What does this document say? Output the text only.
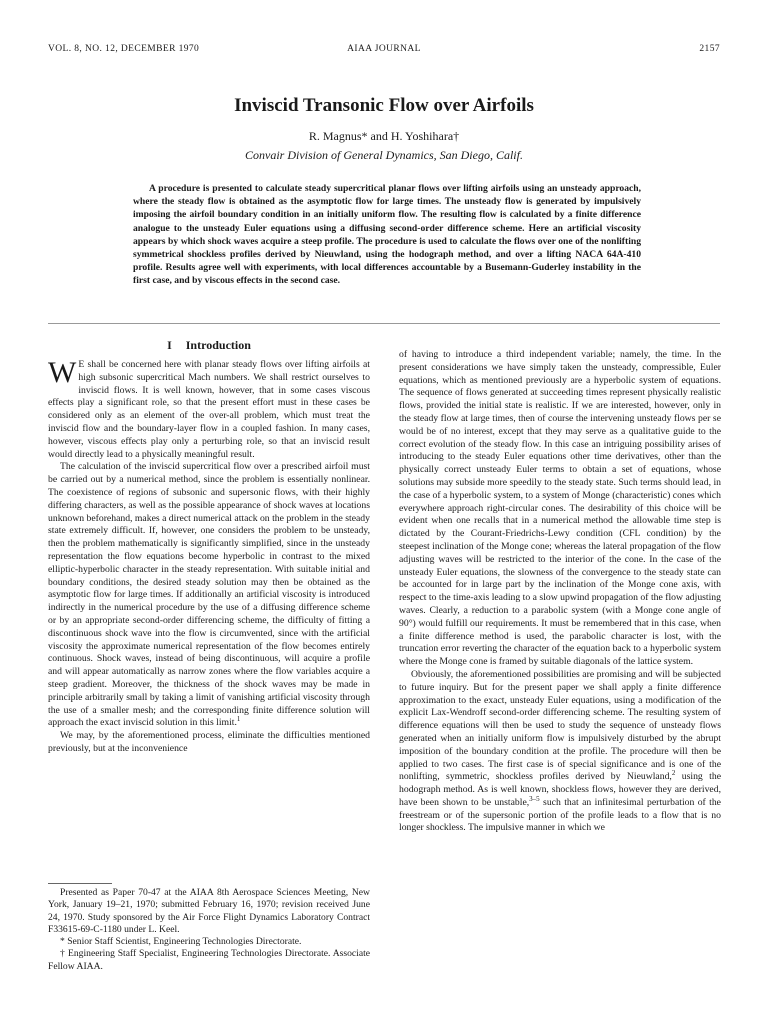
VOL. 8, NO. 12, DECEMBER 1970	AIAA JOURNAL	2157
Inviscid Transonic Flow over Airfoils
R. Magnus* and H. Yoshihara†
Convair Division of General Dynamics, San Diego, Calif.

A procedure is presented to calculate steady supercritical planar flows over lifting airfoils using an unsteady approach, where the steady flow is obtained as the asymptotic flow for large times. The unsteady flow is generated by impulsively imposing the airfoil boundary condition in an initially uniform flow. The resulting flow is calculated by a finite difference analogue to the unsteady Euler equations using a diffusing second-order difference scheme. Here an artificial viscosity appears by which shock waves acquire a steep profile. The procedure is used to calculate the flows over one of the nonlifting symmetrical shockless profiles derived by Nieuwland, using the hodograph method, and over a lifting NACA 64A-410 profile. Results agree well with experiments, with local differences accountable by a Busemann-Guderley instability in the first case, and by viscous effects in the second case.

I Introduction

W E shall be concerned here with planar steady flows over lifting airfoils at high subsonic supercritical Mach numbers. We shall restrict ourselves to inviscid flows. It is well known, however, that in some cases viscous effects play a significant role, so that the present effort must in these cases be considered only as an element of the over-all problem, which must treat the inviscid flow and the boundary-layer flow in a coupled fashion. In many cases, however, viscous effects play only a perturbing role, so that an inviscid result would directly lead to a physically meaningful result.

The calculation of the inviscid supercritical flow over a prescribed airfoil must be carried out by a numerical method, since the problem is essentially nonlinear. The coexistence of regions of subsonic and supersonic flows, with their highly differing characters, as well as the possible appearance of shock waves at locations unknown beforehand, makes a direct numerical attack on the problem in the steady state extremely difficult. If, however, one considers the problem to be unsteady, then the problem mathematically is significantly simplified, since in the unsteady representation the flow equations become hyperbolic in contrast to the mixed elliptic-hyperbolic character in the steady representation. With suitable initial and boundary conditions, the desired steady solution may then be obtained as the asymptotic flow for large times. If additionally an artificial viscosity is introduced indirectly in the numerical procedure by the use of a diffusing difference scheme or by an appropriate second-order differencing scheme, the difficulty of fitting a discontinuous shock wave into the flow is circumvented, since with the artificial viscosity the approximate numerical representation of the flow becomes entirely continuous. Shock waves, instead of being discontinuous, will acquire a profile and will appear automatically as narrow zones where the flow variables acquire a steep gradient. Moreover, the thickness of the shock waves may be made in principle arbitrarily small by taking a limit of vanishing artificial viscosity through the use of a smaller mesh; and the corresponding finite difference solution will approach the exact inviscid solution in this limit.$^1$

We may, by the aforementioned process, eliminate the difficulties mentioned previously, but at the inconvenience

Presented as Paper 70-47 at the AIAA 8th Aerospace Sciences Meeting, New York, January 19–21, 1970; submitted February 16, 1970; revision received June 24, 1970. Study sponsored by the Air Force Flight Dynamics Laboratory Contract F33615-69-C-1180 under L. Keel.

* Senior Staff Scientist, Engineering Technologies Directorate.

† Engineering Staff Specialist, Engineering Technologies Directorate. Associate Fellow AIAA.

of having to introduce a third independent variable; namely, the time. In the present considerations we have simply taken the unsteady, compressible, Euler equations, which as mentioned previously are a hyperbolic system of equations. The sequence of flows generated at succeeding times represent physically realistic flows, provided the initial state is realistic. If we are interested, however, only in the steady flow at large times, then of course the intervening unsteady flows per se would be of no interest, except that they may serve as a qualitative guide to the correct evolution of the steady flow. In this case an intriguing possibility arises of introducing to the steady Euler equations other time derivatives, other than the physically correct unsteady Euler terms to obtain a set of equations, whose solutions may subside more speedily to the steady state. Such terms should lead, in the case of a hyperbolic system, to a system of Monge (characteristic) cones which everywhere approach right-circular cones. The desirability of this choice will be evident when one recalls that in a numerical method the allowable time step is dictated by the Courant-Friedrichs-Lewy condition (CFL condition) by the steepest inclination of the Monge cone; whereas the lateral propagation of the flow adjusting waves will be restricted to the interior of the cone. In the case of the unsteady Euler equations, the slowness of the convergence to the steady state can be accounted for in large part by the inclination of the Monge cone axis, with respect to the time-axis leading to a slow upwind propagation of the flow adjusting waves. Clearly, a reduction to a parabolic system (with a Monge cone angle of 90°) would fulfill our requirements. It must be remembered that in this case, when a finite difference method is used, the parabolic character is lost, with the truncation error reverting the character of the equation back to a hyperbolic system where the Monge cone is framed by suitable diagonals of the lattice system.

Obviously, the aforementioned possibilities are promising and will be subjected to future inquiry. But for the present paper we shall apply a finite difference approximation to the exact, unsteady Euler equations, using a modification of the explicit Lax-Wendroff second-order differencing scheme. The resulting system of difference equations will then be used to study the sequence of unsteady flows generated when an initially uniform flow is impulsively disturbed by the abrupt imposition of the boundary condition at the profile. The procedure will then be applied to two cases. The first case is of special significance and is one of the nonlifting, symmetric, shockless profiles derived by Nieuwland,$^2$ using the hodograph method. As is well known, shockless flows, however they are derived, have been shown to be unstable,$^{3-5}$ such that an infinitesimal perturbation of the freestream or of the supersonic portion of the profile leads to a flow that is no longer shockless. The impulsive manner in which we
